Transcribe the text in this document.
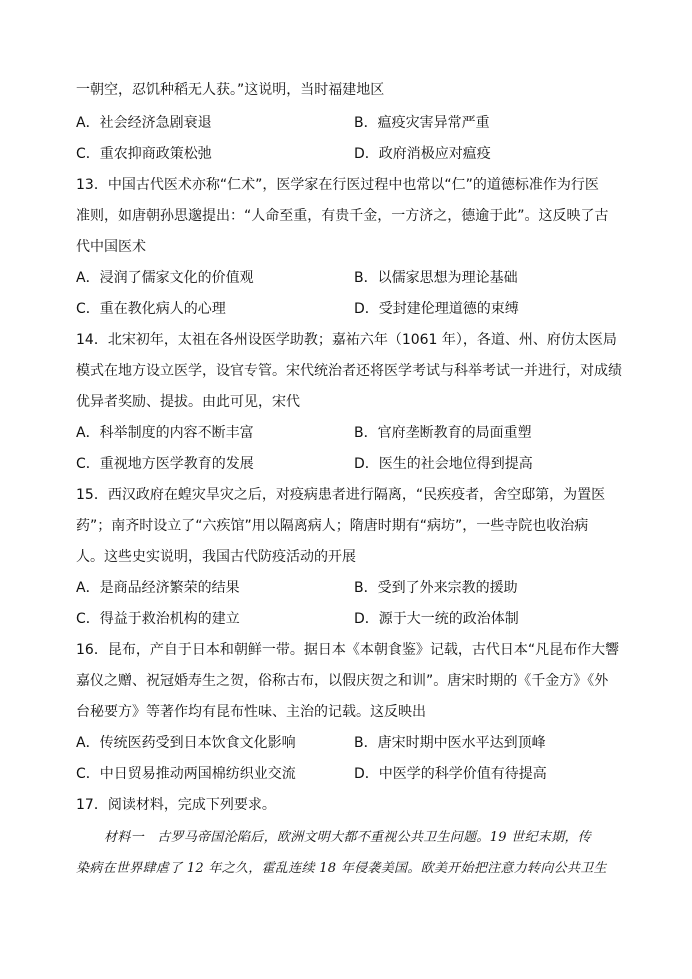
一朝空，忍饥种稻无人获。”这说明，当时福建地区
A．社会经济急剧衰退	B．瘟疫灾害异常严重
C．重农抑商政策松弛	D．政府消极应对瘟疫
13．中国古代医术亦称“仁术”，医学家在行医过程中也常以“仁”的道德标准作为行医
准则，如唐朝孙思邈提出：“人命至重，有贵千金，一方济之，德逾于此”。这反映了古
代中国医术
A．浸润了儒家文化的价值观	B．以儒家思想为理论基础
C．重在教化病人的心理	D．受封建伦理道德的束缚
14．北宋初年，太祖在各州设医学助教；嘉祐六年（1061 年），各道、州、府仿太医局
模式在地方设立医学，设官专管。宋代统治者还将医学考试与科举考试一并进行，对成绩
优异者奖励、提拔。由此可见，宋代
A．科举制度的内容不断丰富	B．官府垄断教育的局面重塑
C．重视地方医学教育的发展	D．医生的社会地位得到提高
15．西汉政府在蝗灾旱灾之后，对疫病患者进行隔离，“民疾疫者，舍空邸第，为置医
药”；南齐时设立了“六疾馆”用以隔离病人；隋唐时期有“病坊”，一些寺院也收治病
人。这些史实说明，我国古代防疫活动的开展
A．是商品经济繁荣的结果	B．受到了外来宗教的援助
C．得益于救治机构的建立	D．源于大一统的政治体制
16．昆布，产自于日本和朝鲜一带。据日本《本朝食鉴》记载，古代日本“凡昆布作大響
嘉仪之赠、祝冠婚寿生之贺，俗称古布，以假庆贺之和训”。唐宋时期的《千金方》《外
台秘要方》等著作均有昆布性味、主治的记载。这反映出
A．传统医药受到日本饮食文化影响	B．唐宋时期中医水平达到顶峰
C．中日贸易推动两国棉纺织业交流	D．中医学的科学价值有待提高
17．阅读材料，完成下列要求。
材料一　古罗马帝国沦陷后，欧洲文明大都不重视公共卫生问题。19 世纪末期，传
染病在世界肆虐了 12 年之久，霍乱连续 18 年侵袭美国。欧美开始把注意力转向公共卫生
